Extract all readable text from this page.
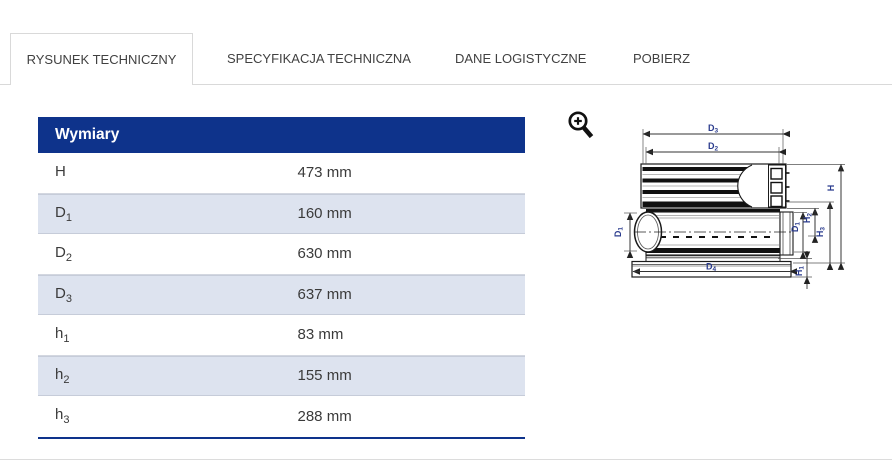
RYSUNEK TECHNICZNY	SPECYFIKACJA TECHNICZNA	DANE LOGISTYCZNE	POBIERZ
Wymiary
H	473 mm
$D_1$	160 mm
$D_2$	630 mm
$D_3$	637 mm
$h_1$	83 mm
$h_2$	155 mm
$h_3$	288 mm
D3
D2
D4
D1	D1
H2
H3
H
H1
